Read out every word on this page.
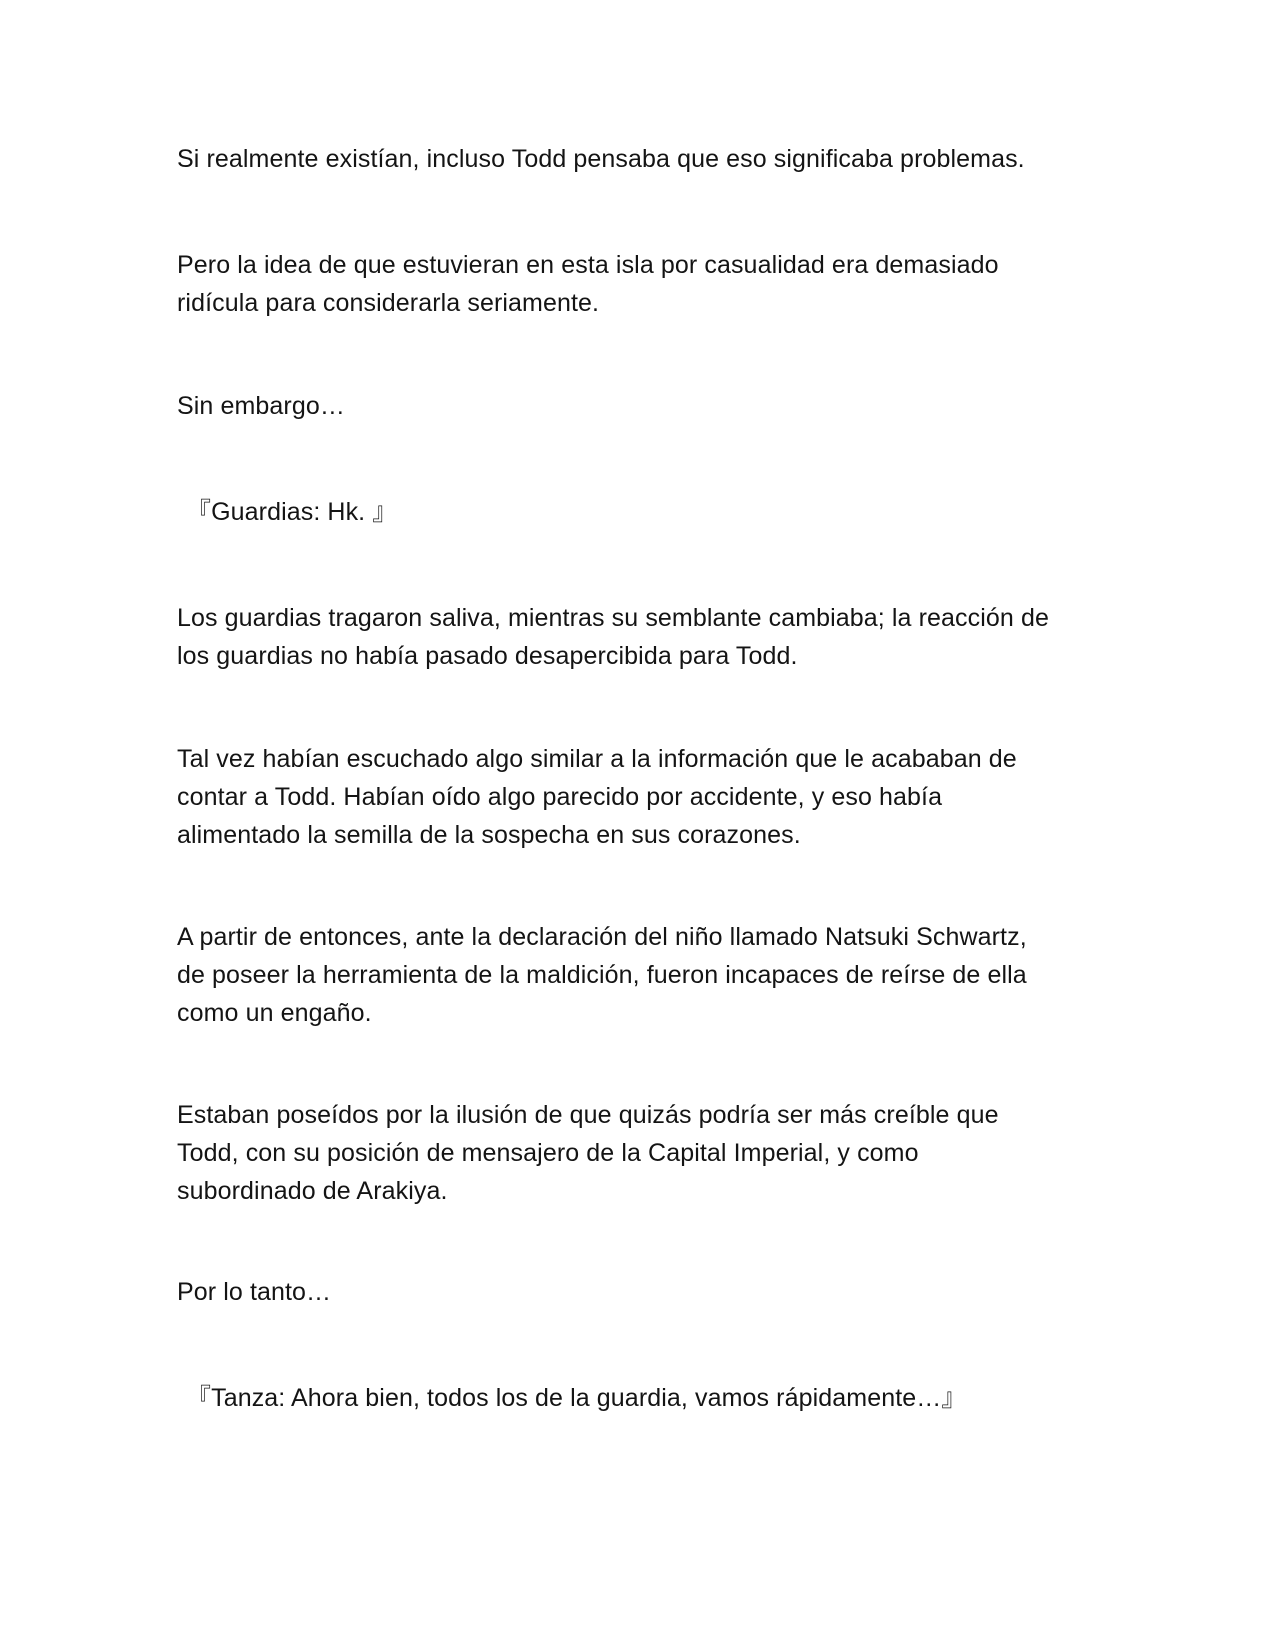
Si realmente existían, incluso Todd pensaba que eso significaba problemas.

Pero la idea de que estuvieran en esta isla por casualidad era demasiado
ridícula para considerarla seriamente.

Sin embargo…

『Guardias: Hk. 』

Los guardias tragaron saliva, mientras su semblante cambiaba; la reacción de
los guardias no había pasado desapercibida para Todd.

Tal vez habían escuchado algo similar a la información que le acababan de
contar a Todd. Habían oído algo parecido por accidente, y eso había
alimentado la semilla de la sospecha en sus corazones.

A partir de entonces, ante la declaración del niño llamado Natsuki Schwartz,
de poseer la herramienta de la maldición, fueron incapaces de reírse de ella
como un engaño.

Estaban poseídos por la ilusión de que quizás podría ser más creíble que
Todd, con su posición de mensajero de la Capital Imperial, y como
subordinado de Arakiya.

Por lo tanto…

『Tanza: Ahora bien, todos los de la guardia, vamos rápidamente…』
